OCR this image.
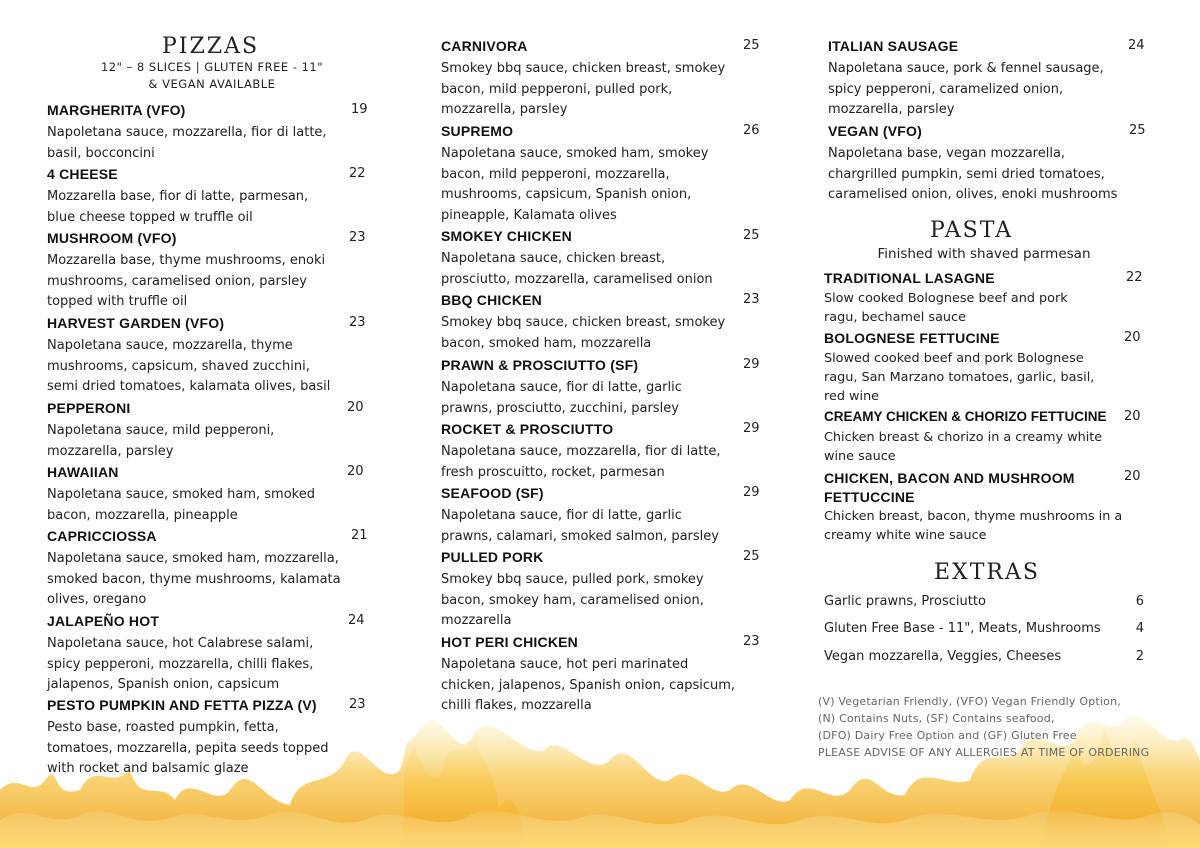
PIZZAS
12" – 8 SLICES | GLUTEN FREE - 11"
& VEGAN AVAILABLE
MARGHERITA (VFO)	19
Napoletana sauce, mozzarella, fior di latte, basil, bocconcini
4 CHEESE	22
Mozzarella base, fior di latte, parmesan, blue cheese topped w truffle oil
MUSHROOM (VFO)	23
Mozzarella base, thyme mushrooms, enoki mushrooms, caramelised onion, parsley topped with truffle oil
HARVEST GARDEN (VFO)	23
Napoletana sauce, mozzarella, thyme mushrooms, capsicum, shaved zucchini, semi dried tomatoes, kalamata olives, basil
PEPPERONI	20
Napoletana sauce, mild pepperoni, mozzarella, parsley
HAWAIIAN	20
Napoletana sauce, smoked ham, smoked bacon, mozzarella, pineapple
CAPRICCIOSSA	21
Napoletana sauce, smoked ham, mozzarella, smoked bacon, thyme mushrooms, kalamata olives, oregano
JALAPEÑO HOT	24
Napoletana sauce, hot Calabrese salami, spicy pepperoni, mozzarella, chilli flakes, jalapenos, Spanish onion, capsicum
PESTO PUMPKIN AND FETTA PIZZA (V) 23
Pesto base, roasted pumpkin, fetta, tomatoes, mozzarella, pepita seeds topped with rocket and balsamic glaze
CARNIVORA	25
Smokey bbq sauce, chicken breast, smokey bacon, mild pepperoni, pulled pork, mozzarella, parsley
SUPREMO	26
Napoletana sauce, smoked ham, smokey bacon, mild pepperoni, mozzarella, mushrooms, capsicum, Spanish onion, pineapple, Kalamata olives
SMOKEY CHICKEN	25
Napoletana sauce, chicken breast, prosciutto, mozzarella, caramelised onion
BBQ CHICKEN	23
Smokey bbq sauce, chicken breast, smokey bacon, smoked ham, mozzarella
PRAWN & PROSCIUTTO (SF)	29
Napoletana sauce, fior di latte, garlic prawns, prosciutto, zucchini, parsley
ROCKET & PROSCIUTTO	29
Napoletana sauce, mozzarella, fior di latte, fresh proscuitto, rocket, parmesan
SEAFOOD (SF)	29
Napoletana sauce, fior di latte, garlic prawns, calamari, smoked salmon, parsley
PULLED PORK	25
Smokey bbq sauce, pulled pork, smokey bacon, smokey ham, caramelised onion, mozzarella
HOT PERI CHICKEN	23
Napoletana sauce, hot peri marinated chicken, jalapenos, Spanish onion, capsicum, chilli flakes, mozzarella
ITALIAN SAUSAGE	24
Napoletana sauce, pork & fennel sausage, spicy pepperoni, caramelized onion, mozzarella, parsley
VEGAN (VFO)	25
Napoletana base, vegan mozzarella, chargrilled pumpkin, semi dried tomatoes, caramelised onion, olives, enoki mushrooms
PASTA
Finished with shaved parmesan
TRADITIONAL LASAGNE	22
Slow cooked Bolognese beef and pork ragu, bechamel sauce
BOLOGNESE FETTUCINE	20
Slowed cooked beef and pork Bolognese ragu, San Marzano tomatoes, garlic, basil, red wine
CREAMY CHICKEN & CHORIZO FETTUCINE 20
Chicken breast & chorizo in a creamy white wine sauce
CHICKEN, BACON AND MUSHROOM FETTUCCINE
20
Chicken breast, bacon, thyme mushrooms in a creamy white wine sauce
EXTRAS
Garlic prawns, Prosciutto	6
Gluten Free Base - 11", Meats, Mushrooms	4
Vegan mozzarella, Veggies, Cheeses	2
(V) Vegetarian Friendly, (VFO) Vegan Friendly Option,
(N) Contains Nuts, (SF) Contains seafood,
(DFO) Dairy Free Option and (GF) Gluten Free
PLEASE ADVISE OF ANY ALLERGIES AT TIME OF ORDERING
